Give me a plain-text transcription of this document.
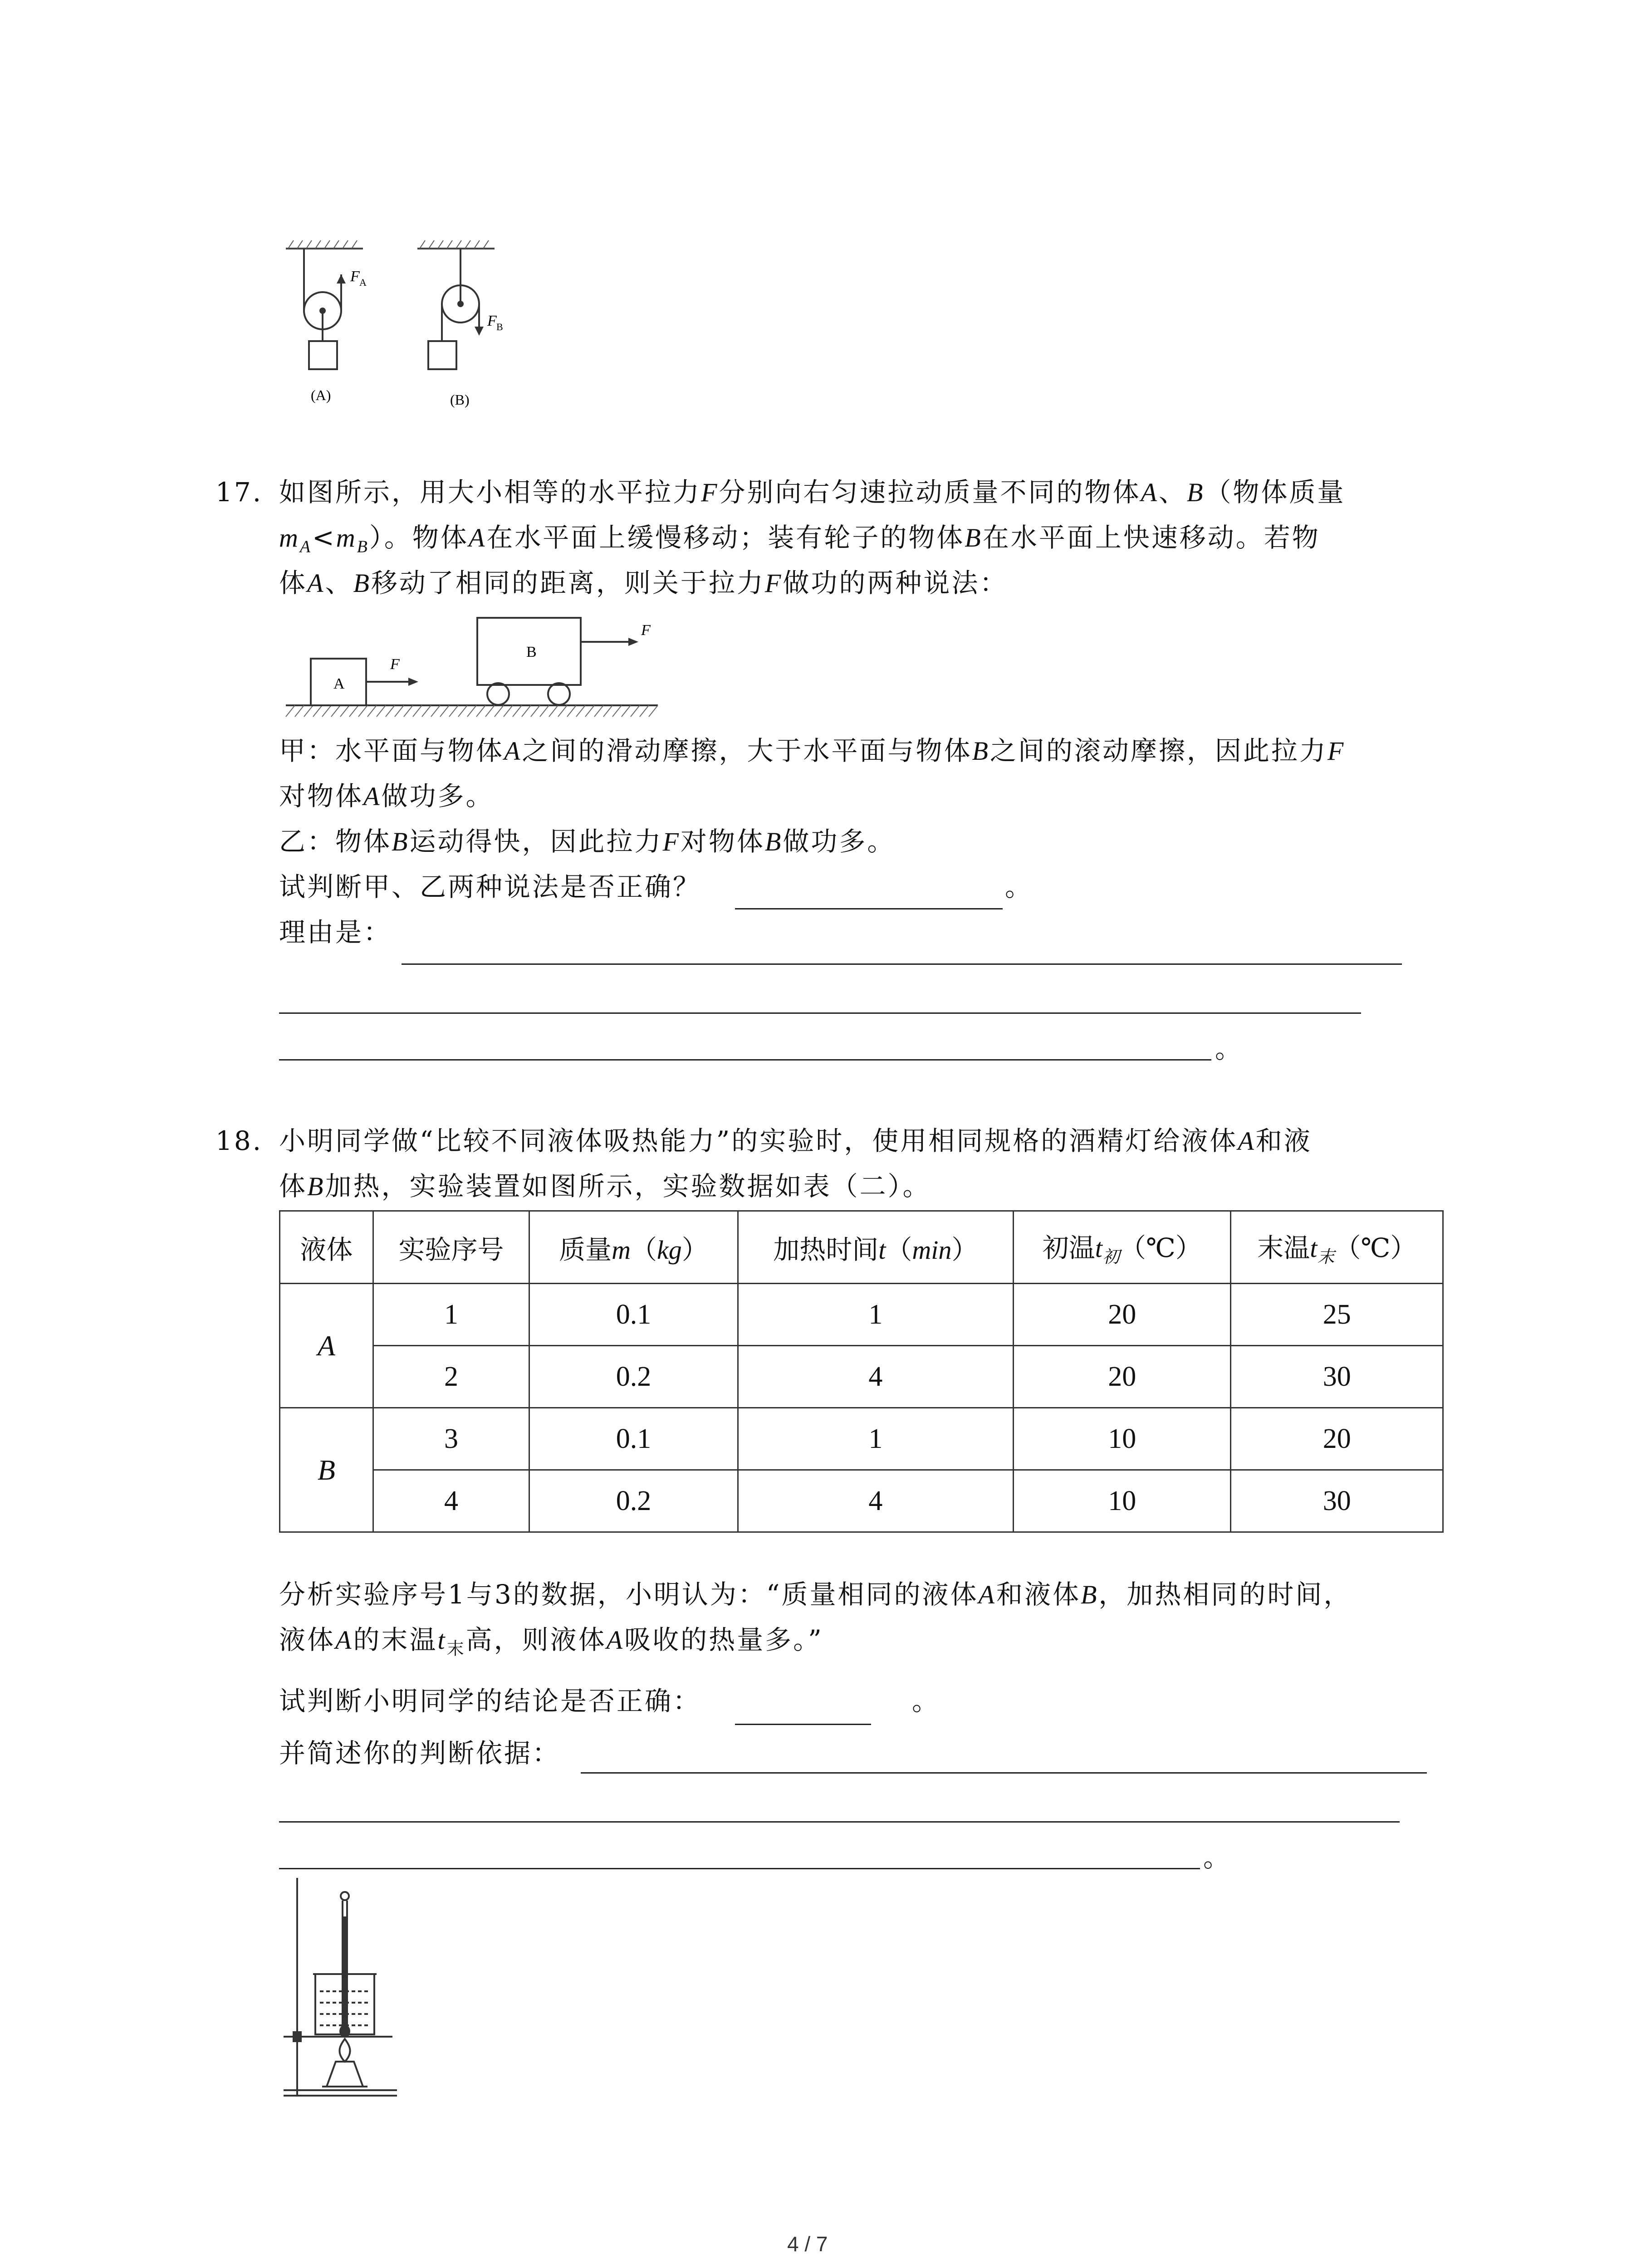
F A
(A)
F B
(B)
17. 如图所示，用大小相等的水平拉力F分别向右匀速拉动质量不同的物体A、B（物体质量
$m_A<m_B$）。物体A在水平面上缓慢移动；装有轮子的物体B在水平面上快速移动。若物
体A、B移动了相同的距离，则关于拉力F做功的两种说法：
A
F
B
F
甲：水平面与物体A之间的滑动摩擦，大于水平面与物体B之间的滚动摩擦，因此拉力F
对物体A做功多。
乙：物体B运动得快，因此拉力F对物体B做功多。
试判断甲、乙两种说法是否正确？	。
理由是：
。
18. 小明同学做“比较不同液体吸热能力”的实验时，使用相同规格的酒精灯给液体A和液
体B加热，实验装置如图所示，实验数据如表（二）。
液体	实验序号	质量m（kg）	加热时间t（min）	初温$t_初(℃)$	末温$t_末(℃)$
A	1	0.1	1	20	25
	2	0.2	4	20	30
B	3	0.1	1	10	20
	4	0.2	4	10	30
分析实验序号1与3的数据，小明认为：“质量相同的液体A和液体B，加热相同的时间，
液体A的末温$t_末$高，则液体A吸收的热量多。”
试判断小明同学的结论是否正确：	。
并简述你的判断依据：
。
4 / 7
